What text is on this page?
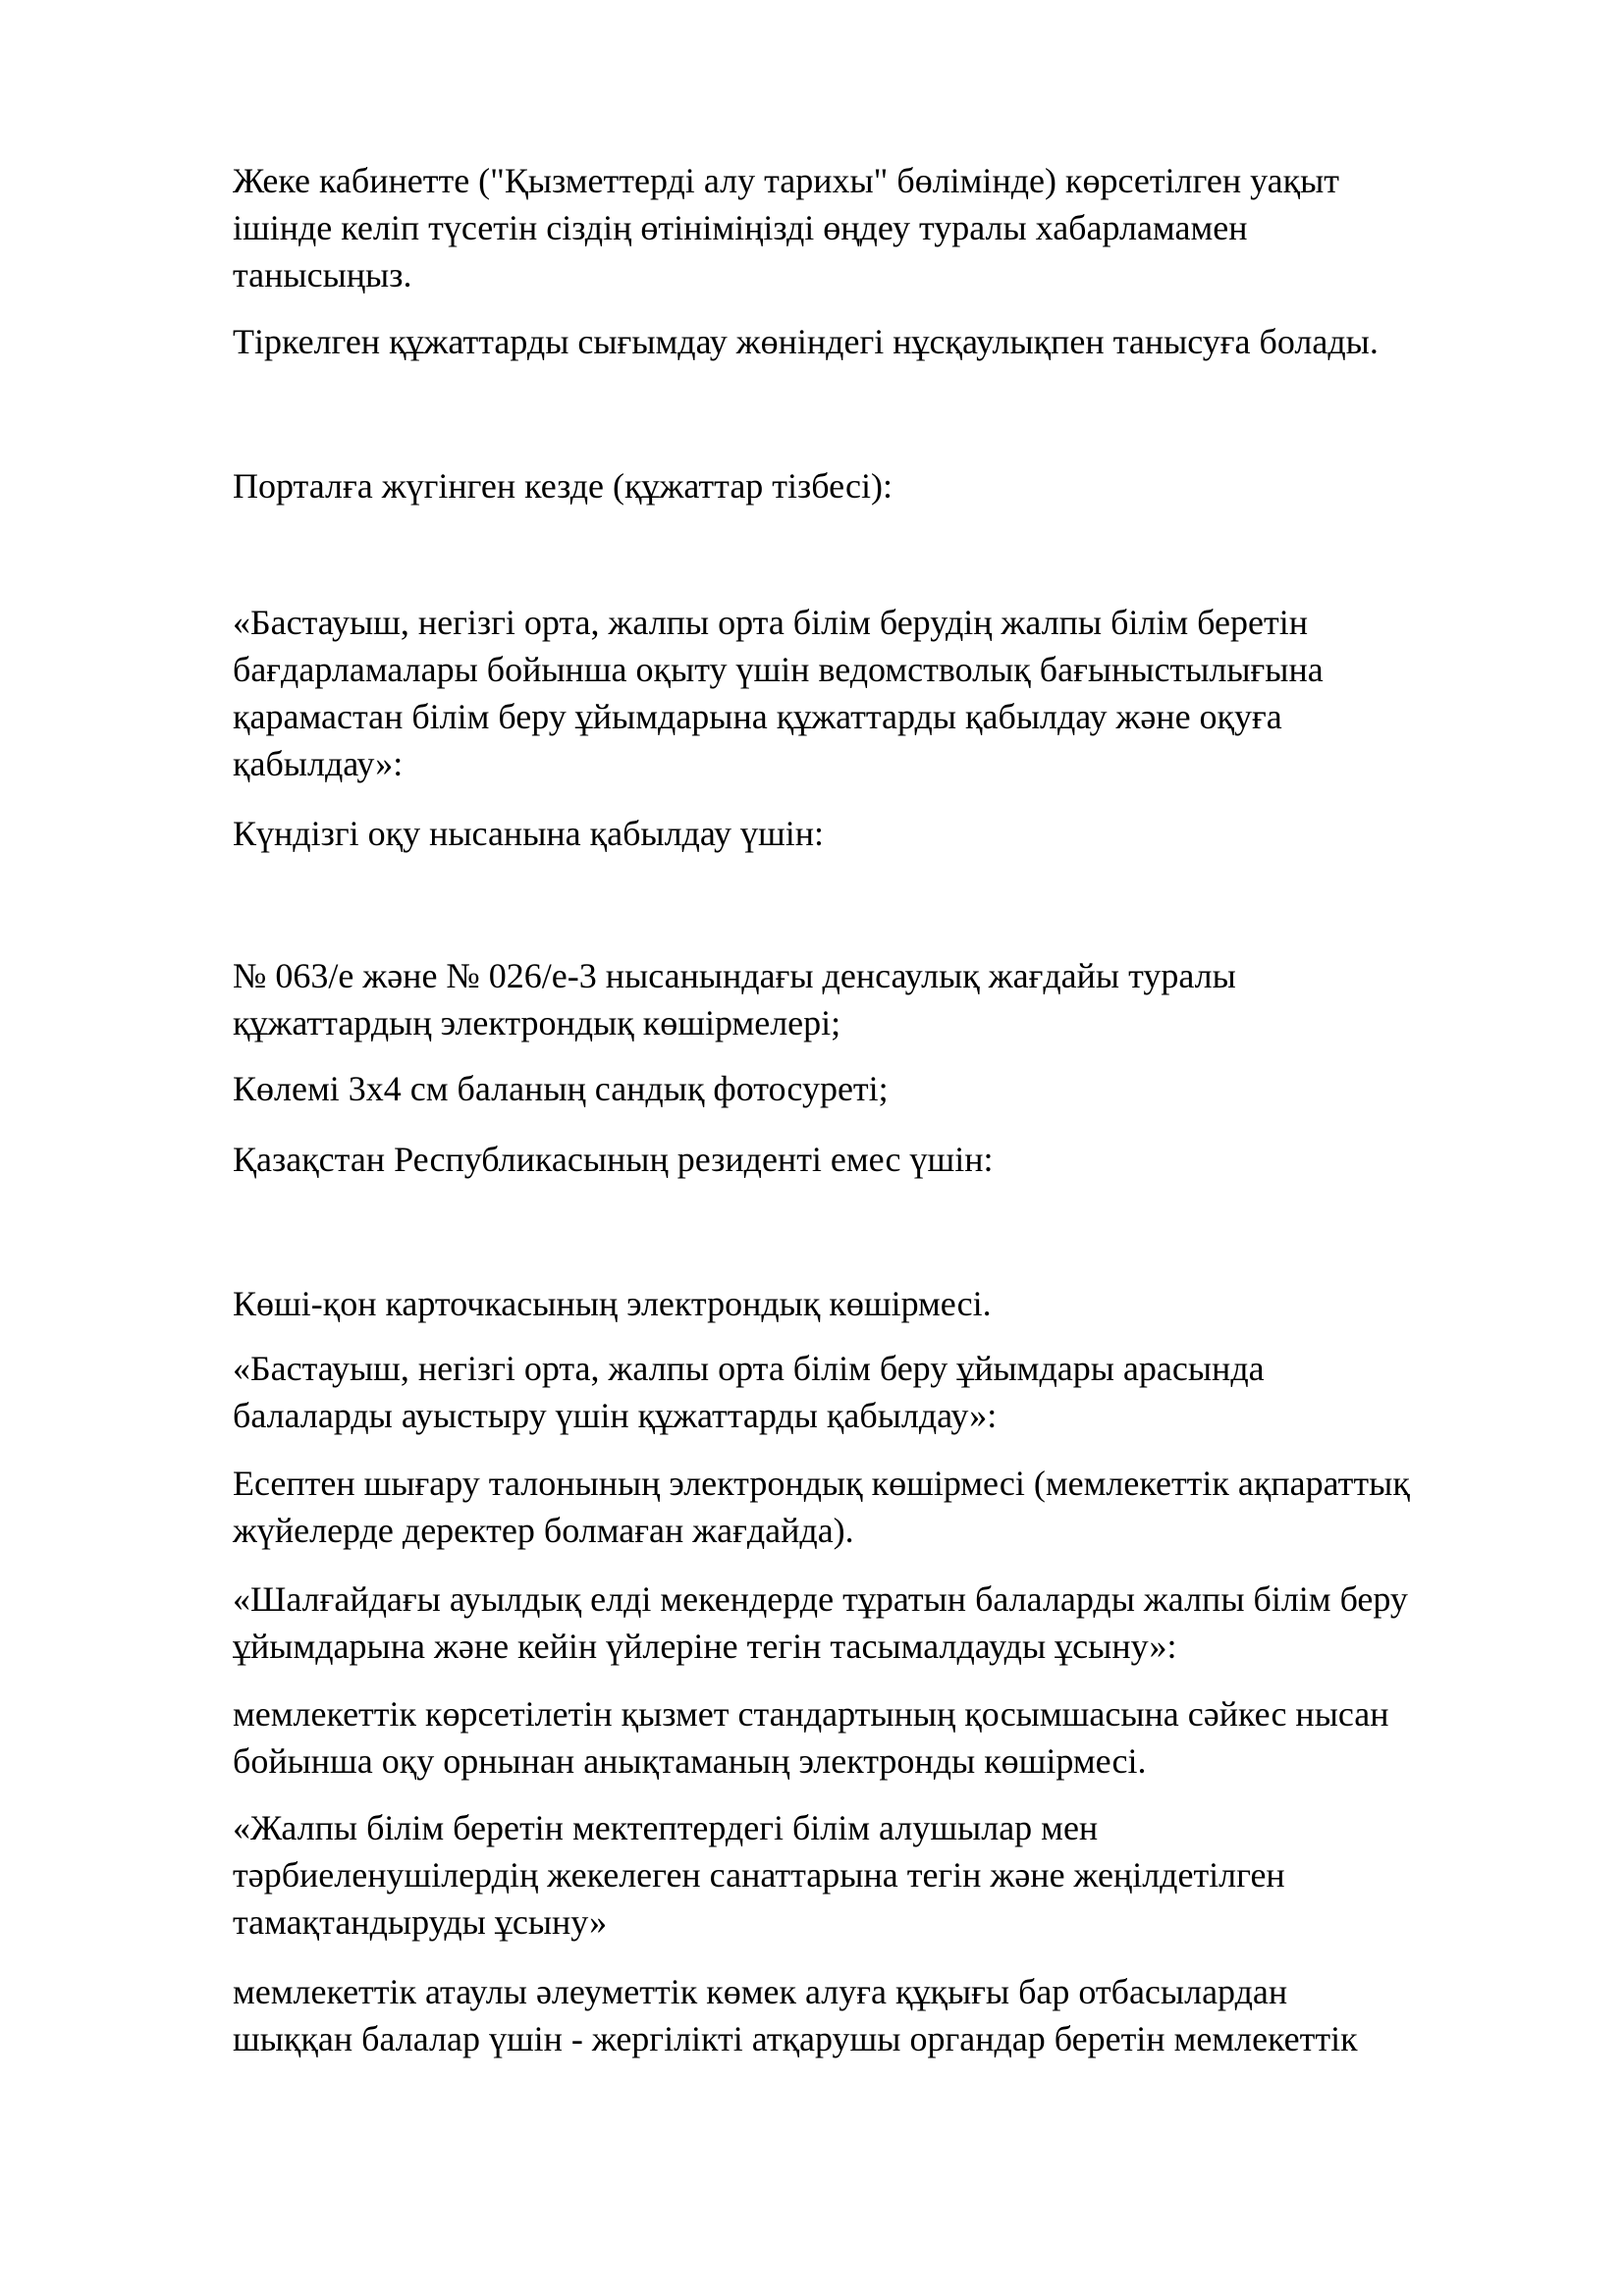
Жеке кабинетте ("Қызметтерді алу тарихы" бөлімінде) көрсетілген уақыт
ішінде келіп түсетін сіздің өтініміңізді өңдеу туралы хабарламамен
танысыңыз.

Тіркелген құжаттарды сығымдау жөніндегі нұсқаулықпен танысуға болады.

Порталға жүгінген кезде (құжаттар тізбесі):

«Бастауыш, негізгі орта, жалпы орта білім берудің жалпы білім беретін
бағдарламалары бойынша оқыту үшін ведомстволық бағыныстылығына
қарамастан білім беру ұйымдарына құжаттарды қабылдау және оқуға
қабылдау»:

Күндізгі оқу нысанына қабылдау үшін:

№ 063/е және № 026/е-3 нысанындағы денсаулық жағдайы туралы
құжаттардың электрондық көшірмелері;

Көлемі 3х4 см баланың сандық фотосуреті;

Қазақстан Республикасының резиденті емес үшін:

Көші-қон карточкасының электрондық көшірмесі.

«Бастауыш, негізгі орта, жалпы орта білім беру ұйымдары арасында
балаларды ауыстыру үшін құжаттарды қабылдау»:

Есептен шығару талонының электрондық көшірмесі (мемлекеттік ақпараттық
жүйелерде деректер болмаған жағдайда).

«Шалғайдағы ауылдық елді мекендерде тұратын балаларды жалпы білім беру
ұйымдарына және кейін үйлеріне тегін тасымалдауды ұсыну»:

мемлекеттік көрсетілетін қызмет стандартының қосымшасына сәйкес нысан
бойынша оқу орнынан анықтаманың электронды көшірмесі.

«Жалпы білім беретін мектептердегі білім алушылар мен
тәрбиеленушілердің жекелеген санаттарына тегін және жеңілдетілген
тамақтандыруды ұсыну»

мемлекеттік атаулы әлеуметтік көмек алуға құқығы бар отбасылардан
шыққан балалар үшін - жергілікті атқарушы органдар беретін мемлекеттік
